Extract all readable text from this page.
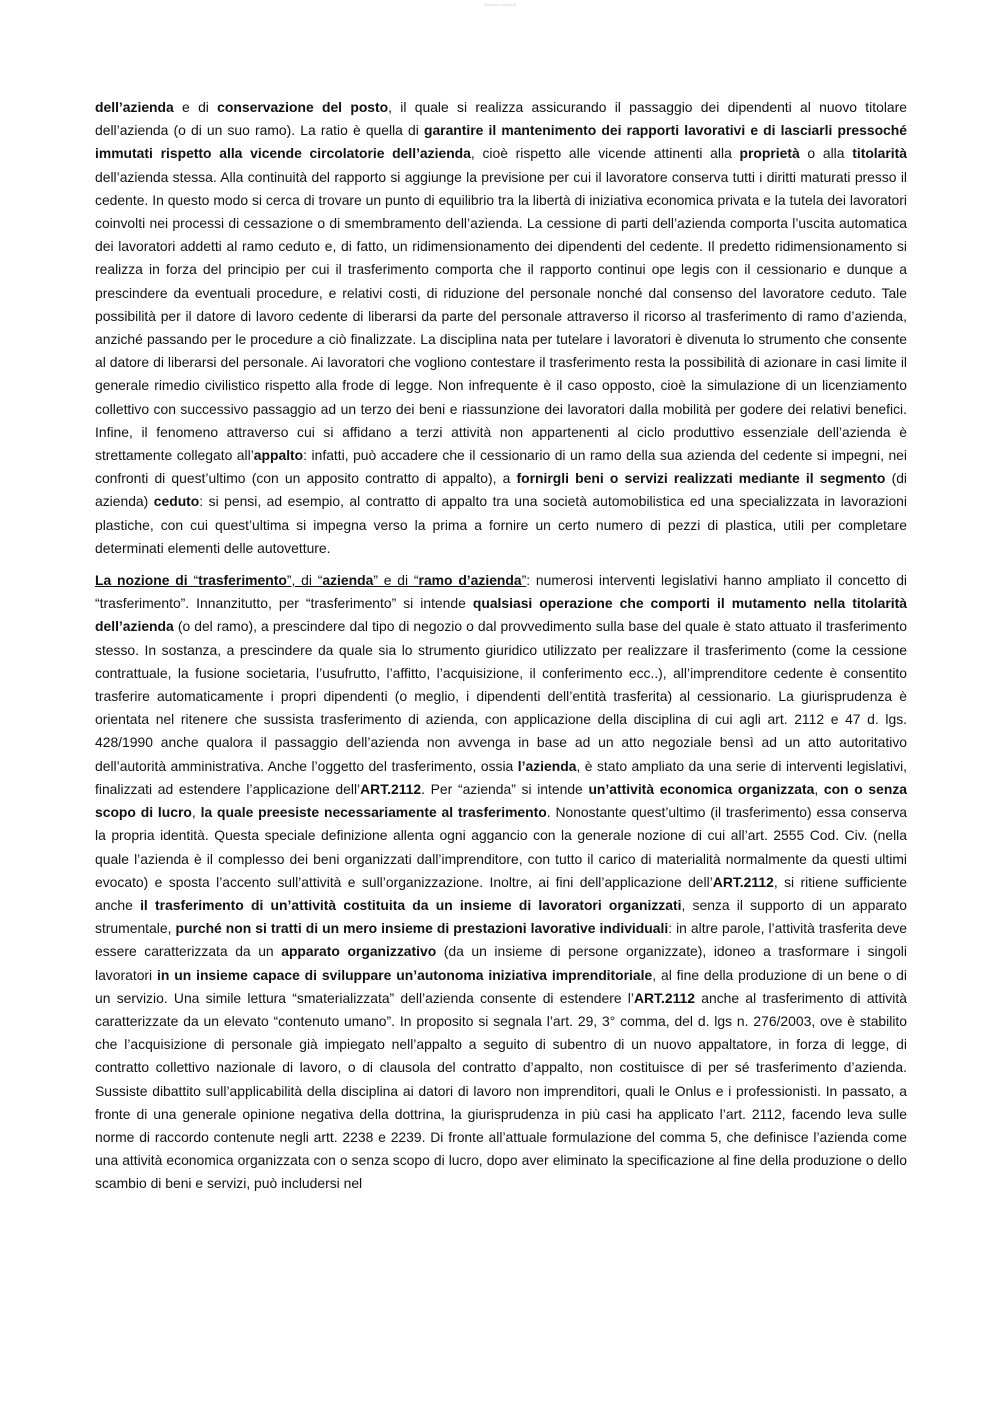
Studocu Docenti

dell’azienda e di conservazione del posto, il quale si realizza assicurando il passaggio dei dipendenti al nuovo titolare dell’azienda (o di un suo ramo). La ratio è quella di garantire il mantenimento dei rapporti lavorativi e di lasciarli pressoché immutati rispetto alla vicende circolatorie dell’azienda, cioè rispetto alle vicende attinenti alla proprietà o alla titolarità dell’azienda stessa. Alla continuità del rapporto si aggiunge la previsione per cui il lavoratore conserva tutti i diritti maturati presso il cedente. In questo modo si cerca di trovare un punto di equilibrio tra la libertà di iniziativa economica privata e la tutela dei lavoratori coinvolti nei processi di cessazione o di smembramento dell’azienda. La cessione di parti dell’azienda comporta l’uscita automatica dei lavoratori addetti al ramo ceduto e, di fatto, un ridimensionamento dei dipendenti del cedente. Il predetto ridimensionamento si realizza in forza del principio per cui il trasferimento comporta che il rapporto continui ope legis con il cessionario e dunque a prescindere da eventuali procedure, e relativi costi, di riduzione del personale nonché dal consenso del lavoratore ceduto. Tale possibilità per il datore di lavoro cedente di liberarsi da parte del personale attraverso il ricorso al trasferimento di ramo d’azienda, anziché passando per le procedure a ciò finalizzate. La disciplina nata per tutelare i lavoratori è divenuta lo strumento che consente al datore di liberarsi del personale. Ai lavoratori che vogliono contestare il trasferimento resta la possibilità di azionare in casi limite il generale rimedio civilistico rispetto alla frode di legge. Non infrequente è il caso opposto, cioè la simulazione di un licenziamento collettivo con successivo passaggio ad un terzo dei beni e riassunzione dei lavoratori dalla mobilità per godere dei relativi benefici. Infine, il fenomeno attraverso cui si affidano a terzi attività non appartenenti al ciclo produttivo essenziale dell’azienda è strettamente collegato all’appalto: infatti, può accadere che il cessionario di un ramo della sua azienda del cedente si impegni, nei confronti di quest’ultimo (con un apposito contratto di appalto), a fornirgli beni o servizi realizzati mediante il segmento (di azienda) ceduto: si pensi, ad esempio, al contratto di appalto tra una società automobilistica ed una specializzata in lavorazioni plastiche, con cui quest’ultima si impegna verso la prima a fornire un certo numero di pezzi di plastica, utili per completare determinati elementi delle autovetture.

La nozione di “trasferimento”, di “azienda” e di “ramo d’azienda”: numerosi interventi legislativi hanno ampliato il concetto di “trasferimento”. Innanzitutto, per “trasferimento” si intende qualsiasi operazione che comporti il mutamento nella titolarità dell’azienda (o del ramo), a prescindere dal tipo di negozio o dal provvedimento sulla base del quale è stato attuato il trasferimento stesso. In sostanza, a prescindere da quale sia lo strumento giuridico utilizzato per realizzare il trasferimento (come la cessione contrattuale, la fusione societaria, l’usufrutto, l’affitto, l’acquisizione, il conferimento ecc..), all’imprenditore cedente è consentito trasferire automaticamente i propri dipendenti (o meglio, i dipendenti dell’entità trasferita) al cessionario. La giurisprudenza è orientata nel ritenere che sussista trasferimento di azienda, con applicazione della disciplina di cui agli art. 2112 e 47 d. lgs. 428/1990 anche qualora il passaggio dell’azienda non avvenga in base ad un atto negoziale bensì ad un atto autoritativo dell’autorità amministrativa. Anche l’oggetto del trasferimento, ossia l’azienda, è stato ampliato da una serie di interventi legislativi, finalizzati ad estendere l’applicazione dell’ART.2112. Per “azienda” si intende un’attività economica organizzata, con o senza scopo di lucro, la quale preesiste necessariamente al trasferimento. Nonostante quest’ultimo (il trasferimento) essa conserva la propria identità. Questa speciale definizione allenta ogni aggancio con la generale nozione di cui all’art. 2555 Cod. Civ. (nella quale l’azienda è il complesso dei beni organizzati dall’imprenditore, con tutto il carico di materialità normalmente da questi ultimi evocato) e sposta l’accento sull’attività e sull’organizzazione. Inoltre, ai fini dell’applicazione dell’ART.2112, si ritiene sufficiente anche il trasferimento di un’attività costituita da un insieme di lavoratori organizzati, senza il supporto di un apparato strumentale, purché non si tratti di un mero insieme di prestazioni lavorative individuali: in altre parole, l’attività trasferita deve essere caratterizzata da un apparato organizzativo (da un insieme di persone organizzate), idoneo a trasformare i singoli lavoratori in un insieme capace di sviluppare un’autonoma iniziativa imprenditoriale, al fine della produzione di un bene o di un servizio. Una simile lettura “smaterializzata” dell’azienda consente di estendere l’ART.2112 anche al trasferimento di attività caratterizzate da un elevato “contenuto umano”. In proposito si segnala l’art. 29, 3° comma, del d. lgs n. 276/2003, ove è stabilito che l’acquisizione di personale già impiegato nell’appalto a seguito di subentro di un nuovo appaltatore, in forza di legge, di contratto collettivo nazionale di lavoro, o di clausola del contratto d’appalto, non costituisce di per sé trasferimento d’azienda. Sussiste dibattito sull’applicabilità della disciplina ai datori di lavoro non imprenditori, quali le Onlus e i professionisti. In passato, a fronte di una generale opinione negativa della dottrina, la giurisprudenza in più casi ha applicato l’art. 2112, facendo leva sulle norme di raccordo contenute negli artt. 2238 e 2239. Di fronte all’attuale formulazione del comma 5, che definisce l’azienda come una attività economica organizzata con o senza scopo di lucro, dopo aver eliminato la specificazione al fine della produzione o dello scambio di beni e servizi, può includersi nel
